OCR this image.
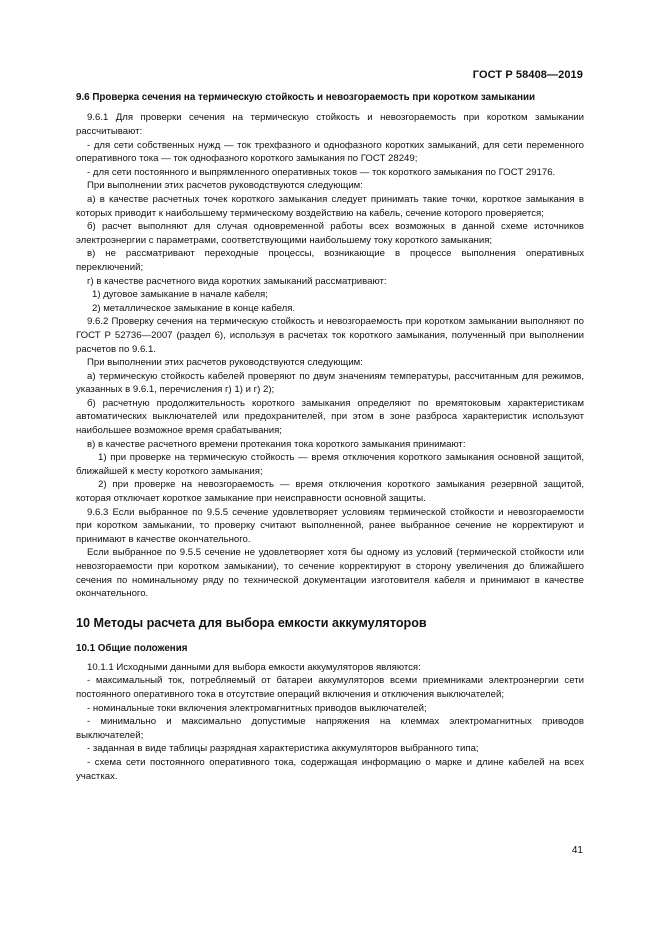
ГОСТ Р 58408—2019
9.6 Проверка сечения на термическую стойкость и невозгораемость при коротком замыкании

9.6.1 Для проверки сечения на термическую стойкость и невозгораемость при коротком замыкании рассчитывают:

- для сети собственных нужд — ток трехфазного и однофазного коротких замыканий, для сети переменного оперативного тока — ток однофазного короткого замыкания по ГОСТ 28249;

- для сети постоянного и выпрямленного оперативных токов — ток короткого замыкания по ГОСТ 29176.

При выполнении этих расчетов руководствуются следующим:

а) в качестве расчетных точек короткого замыкания следует принимать такие точки, короткое замыкания в которых приводит к наибольшему термическому воздействию на кабель, сечение которого проверяется;

б) расчет выполняют для случая одновременной работы всех возможных в данной схеме источников электроэнергии с параметрами, соответствующими наибольшему току короткого замыкания;

в) не рассматривают переходные процессы, возникающие в процессе выполнения оперативных переключений;

г) в качестве расчетного вида коротких замыканий рассматривают:

1) дуговое замыкание в начале кабеля;

2) металлическое замыкание в конце кабеля.

9.6.2 Проверку сечения на термическую стойкость и невозгораемость при коротком замыкании выполняют по ГОСТ Р 52736—2007 (раздел 6), используя в расчетах ток короткого замыкания, полученный при выполнении расчетов по 9.6.1.

При выполнении этих расчетов руководствуются следующим:

а) термическую стойкость кабелей проверяют по двум значениям температуры, рассчитанным для режимов, указанных в 9.6.1, перечисления г) 1) и г) 2);

б) расчетную продолжительность короткого замыкания определяют по времятоковым характеристикам автоматических выключателей или предохранителей, при этом в зоне разброса характеристик используют наибольшее возможное время срабатывания;

в) в качестве расчетного времени протекания тока короткого замыкания принимают:

1) при проверке на термическую стойкость — время отключения короткого замыкания основной защитой, ближайшей к месту короткого замыкания;

2) при проверке на невозгораемость — время отключения короткого замыкания резервной защитой, которая отключает короткое замыкание при неисправности основной защиты.

9.6.3 Если выбранное по 9.5.5 сечение удовлетворяет условиям термической стойкости и невозгораемости при коротком замыкании, то проверку считают выполненной, ранее выбранное сечение не корректируют и принимают в качестве окончательного.

Если выбранное по 9.5.5 сечение не удовлетворяет хотя бы одному из условий (термической стойкости или невозгораемости при коротком замыкании), то сечение корректируют в сторону увеличения до ближайшего сечения по номинальному ряду по технической документации изготовителя кабеля и принимают в качестве окончательного.

10 Методы расчета для выбора емкости аккумуляторов
10.1 Общие положения

10.1.1 Исходными данными для выбора емкости аккумуляторов являются:

- максимальный ток, потребляемый от батареи аккумуляторов всеми приемниками электроэнергии сети постоянного оперативного тока в отсутствие операций включения и отключения выключателей;

- номинальные токи включения электромагнитных приводов выключателей;

- минимально и максимально допустимые напряжения на клеммах электромагнитных приводов выключателей;

- заданная в виде таблицы разрядная характеристика аккумуляторов выбранного типа;

- схема сети постоянного оперативного тока, содержащая информацию о марке и длине кабелей на всех участках.

41
